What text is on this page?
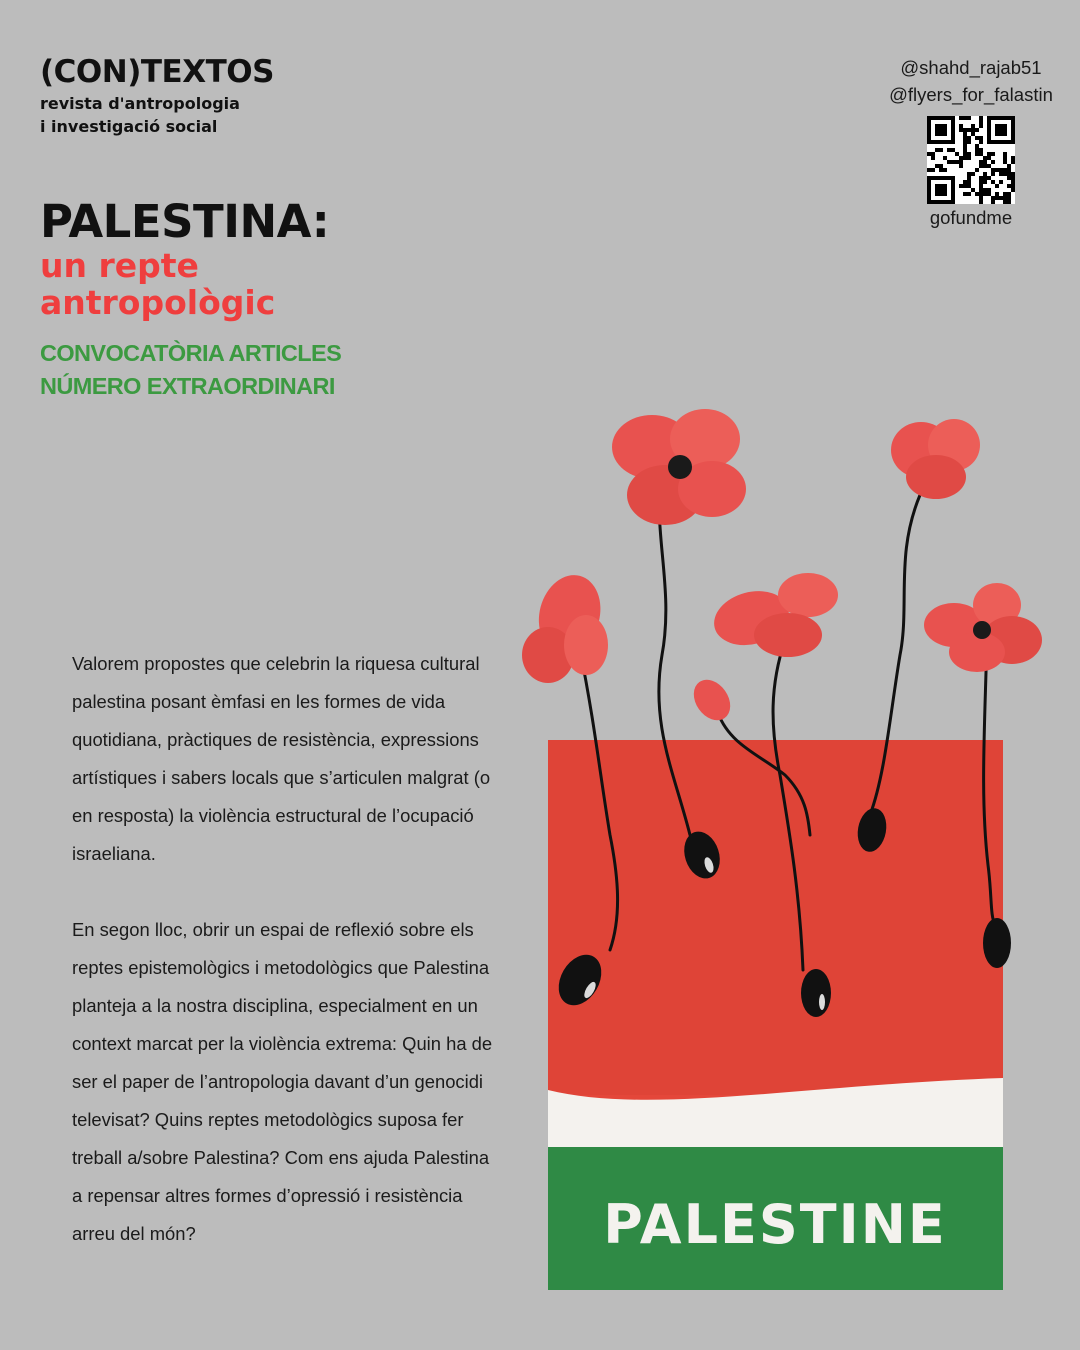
(CON)TEXTOS
revista d'antropologia
i investigació social
@shahd_rajab51
@flyers_for_falastin
gofundme
PALESTINA:
un repte
antropològic
CONVOCATÒRIA ARTICLES
NÚMERO EXTRAORDINARI

Valorem propostes que celebrin la riquesa cultural palestina posant èmfasi en les formes de vida quotidiana, pràctiques de resistència, expressions artístiques i sabers locals que s’articulen malgrat (o en resposta) la violència estructural de l’ocupació israeliana.

En segon lloc, obrir un espai de reflexió sobre els reptes epistemològics i metodològics que Palestina planteja a la nostra disciplina, especialment en un context marcat per la violència extrema: Quin ha de ser el paper de l’antropologia davant d’un genocidi televisat? Quins reptes metodològics suposa fer treball a/sobre Palestina? Com ens ajuda Palestina a repensar altres formes d’opressió i resistència arreu del món?	PALESTINE
